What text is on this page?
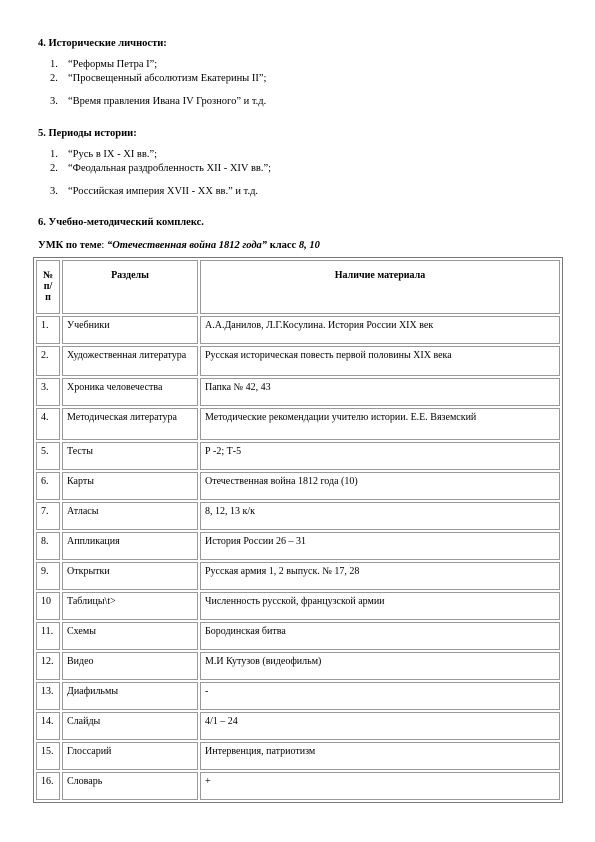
4. Исторические личности:
1. “Реформы Петра I”;
2. “Просвещенный абсолютизм Екатерины II”;
3. “Время правления Ивана IV Грозного” и т.д.
5. Периоды истории:
1. “Русь в IX - XI вв.”;
2. “Феодальная раздробленность XII - XIV вв.”;
3. “Российская империя XVII - XX вв.” и т.д.
6. Учебно-методический комплекс.
УМК по теме: “Отечественная война 1812 года” класс 8, 10
№ п/п	Разделы	Наличие материала
1.	Учебники	А.А.Данилов, Л.Г.Косулина. История России XIX век
2.	Художественная литература	Русская историческая повесть первой половины XIX века
3.	Хроника человечества	Папка № 42, 43
4.	Методическая литература	Методические рекомендации учителю истории. Е.Е. Вяземский
5.	Тесты	Р -2; Т-5
6.	Карты	Отечественная война 1812 года (10)
7.	Атласы	8, 12, 13 к/к
8.	Аппликация	История России 26 – 31
9.	Открытки	Русская армия 1, 2 выпуск. № 17, 28
10	Таблицы\t>	Численность русской, французской армии
11.	Схемы	Бородинская битва
12.	Видео	М.И Кутузов (видеофильм)
13.	Диафильмы	-
14.	Слайды	4/1 – 24
15.	Глоссарий	Интервенция, патриотизм
16.	Словарь	+
